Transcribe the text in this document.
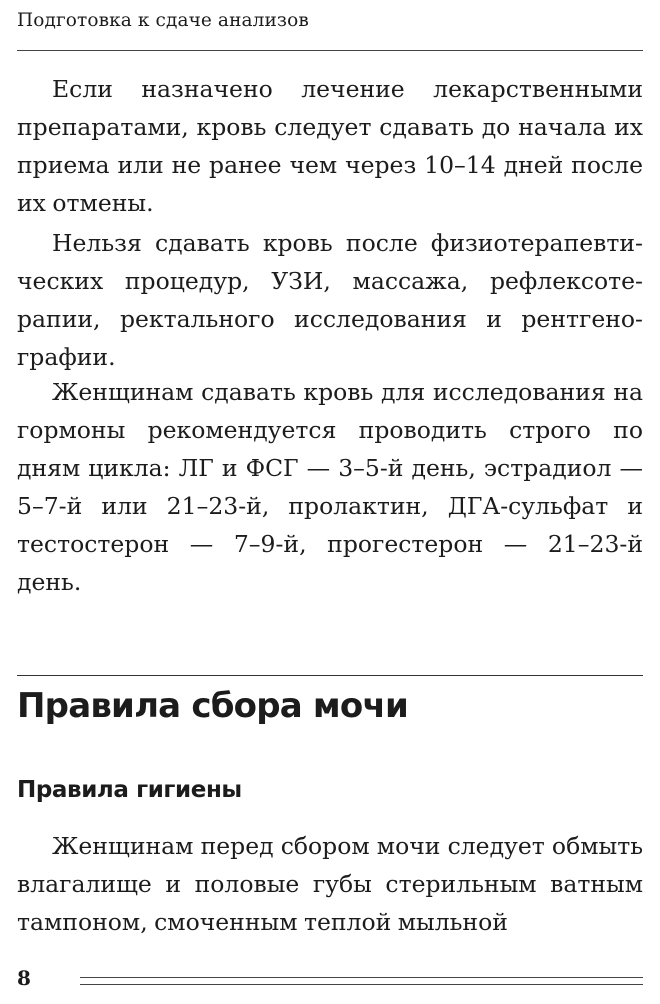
Подготовка к сдаче анализов

Если назначено лечение лекарственными препаратами, кровь следует сдавать до начала их приема или не ранее чем через 10–14 дней после их отмены.

Нельзя сдавать кровь после физиотерапевтических процедур, УЗИ, массажа, рефлексотерапии, ректального исследования и рентгенографии.

Женщинам сдавать кровь для исследования на гормоны рекомендуется проводить строго по дням цикла: ЛГ и ФСГ — 3–5-й день, эстрадиол — 5–7-й или 21–23-й, пролактин, ДГА-сульфат и тестостерон — 7–9-й, прогестерон — 21–23-й день.

Правила сбора мочи
Правила гигиены

Женщинам перед сбором мочи следует обмыть влагалище и половые губы стерильным ватным тампоном, смоченным теплой мыльной

8
